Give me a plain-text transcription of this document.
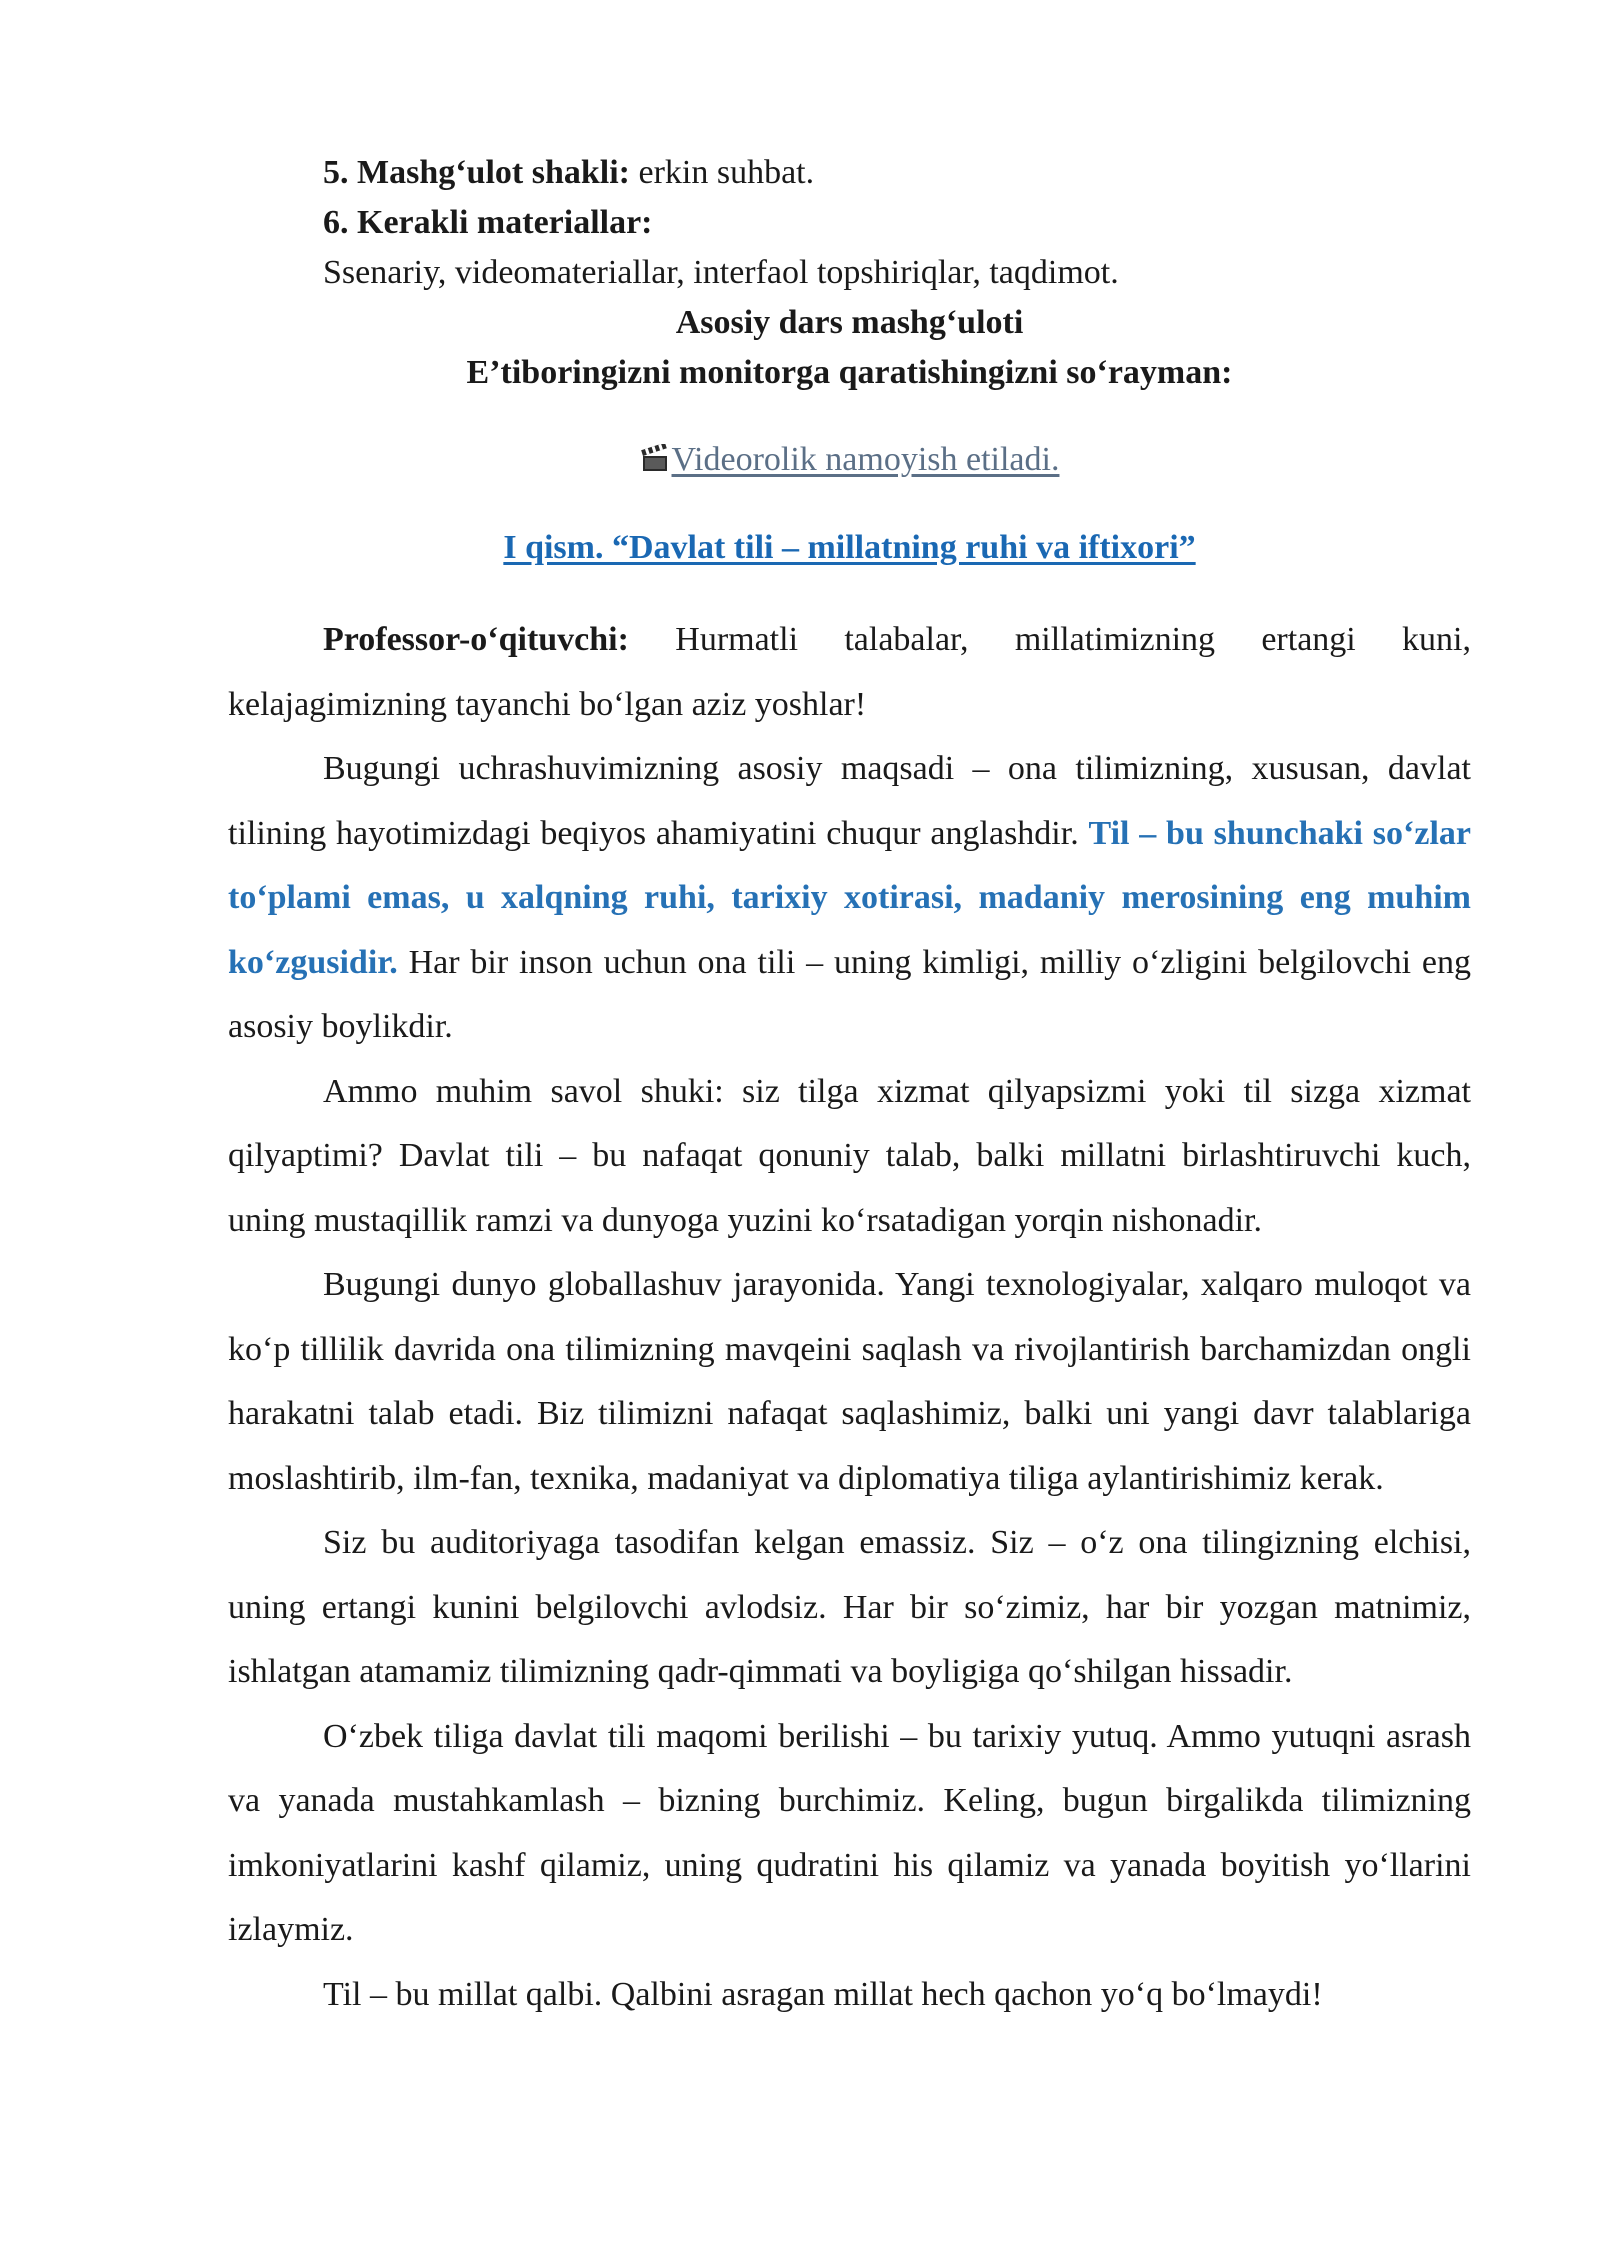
5. Mashg‘ulot shakli: erkin suhbat.

6. Kerakli materiallar:

Ssenariy, videomateriallar, interfaol topshiriqlar, taqdimot.

Asosiy dars mashg‘uloti

E’tiboringizni monitorga qaratishingizni so‘rayman:

Videorolik namoyish etiladi.

I qism. “Davlat tili – millatning ruhi va iftixori”

Professor-o‘qituvchi: Hurmatli talabalar, millatimizning ertangi kuni, kelajagimizning tayanchi bo‘lgan aziz yoshlar!

Bugungi uchrashuvimizning asosiy maqsadi – ona tilimizning, xususan, davlat tilining hayotimizdagi beqiyos ahamiyatini chuqur anglashdir. Til – bu shunchaki so‘zlar to‘plami emas, u xalqning ruhi, tarixiy xotirasi, madaniy merosining eng muhim ko‘zgusidir. Har bir inson uchun ona tili – uning kimligi, milliy o‘zligini belgilovchi eng asosiy boylikdir.

Ammo muhim savol shuki: siz tilga xizmat qilyapsizmi yoki til sizga xizmat qilyaptimi? Davlat tili – bu nafaqat qonuniy talab, balki millatni birlashtiruvchi kuch, uning mustaqillik ramzi va dunyoga yuzini ko‘rsatadigan yorqin nishonadir.

Bugungi dunyo globallashuv jarayonida. Yangi texnologiyalar, xalqaro muloqot va ko‘p tillilik davrida ona tilimizning mavqeini saqlash va rivojlantirish barchamizdan ongli harakatni talab etadi. Biz tilimizni nafaqat saqlashimiz, balki uni yangi davr talablariga moslashtirib, ilm-fan, texnika, madaniyat va diplomatiya tiliga aylantirishimiz kerak.

Siz bu auditoriyaga tasodifan kelgan emassiz. Siz – o‘z ona tilingizning elchisi, uning ertangi kunini belgilovchi avlodsiz. Har bir so‘zimiz, har bir yozgan matnimiz, ishlatgan atamamiz tilimizning qadr-qimmati va boyligiga qo‘shilgan hissadir.

O‘zbek tiliga davlat tili maqomi berilishi – bu tarixiy yutuq. Ammo yutuqni asrash va yanada mustahkamlash – bizning burchimiz. Keling, bugun birgalikda tilimizning imkoniyatlarini kashf qilamiz, uning qudratini his qilamiz va yanada boyitish yo‘llarini izlaymiz.

Til – bu millat qalbi. Qalbini asragan millat hech qachon yo‘q bo‘lmaydi!
